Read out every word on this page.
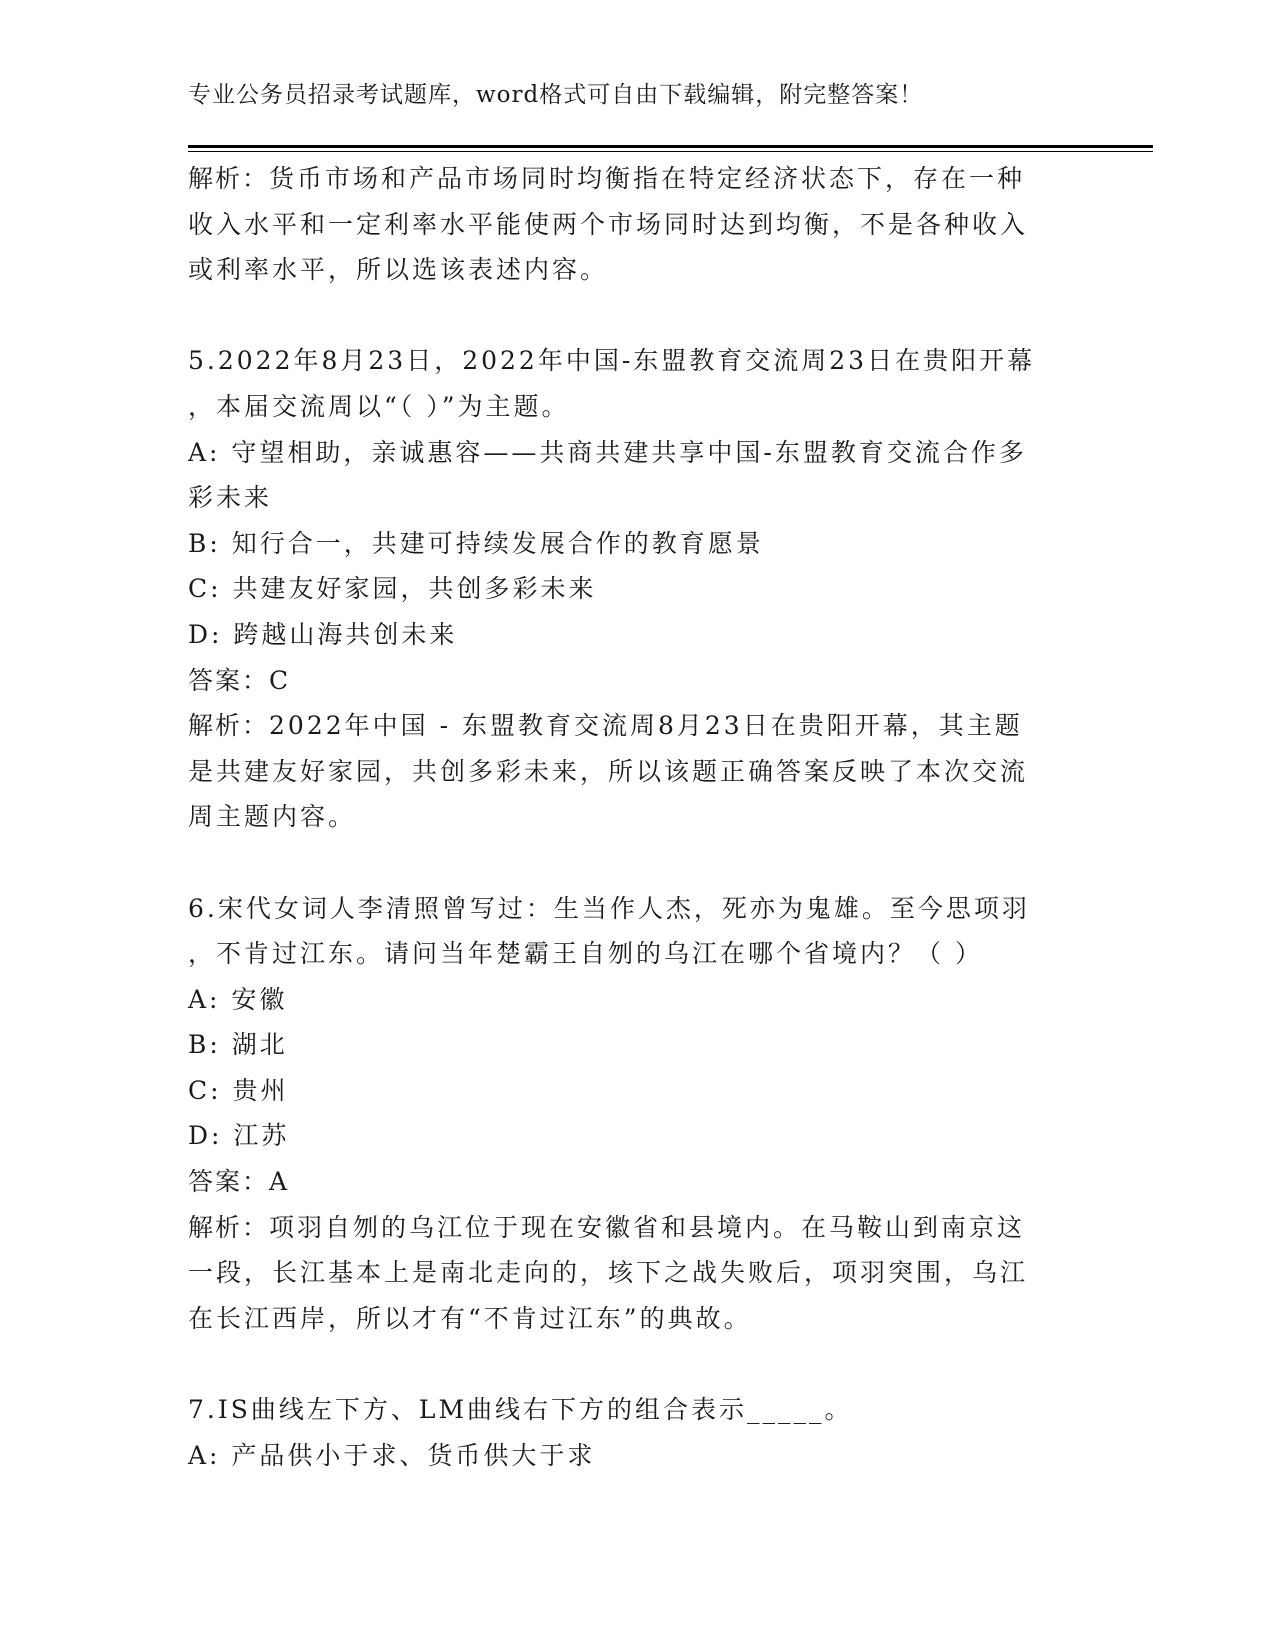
专业公务员招录考试题库，word格式可自由下载编辑，附完整答案！
解析：货币市场和产品市场同时均衡指在特定经济状态下，存在一种
收入水平和一定利率水平能使两个市场同时达到均衡，不是各种收入
或利率水平，所以选该表述内容。
5.2022年8月23日，2022年中国-东盟教育交流周23日在贵阳开幕
，本届交流周以“（ ）”为主题。
A: 守望相助，亲诚惠容——共商共建共享中国-东盟教育交流合作多
彩未来
B: 知行合一，共建可持续发展合作的教育愿景
C: 共建友好家园，共创多彩未来
D: 跨越山海共创未来
答案：C
解析：2022年中国 - 东盟教育交流周8月23日在贵阳开幕，其主题
是共建友好家园，共创多彩未来，所以该题正确答案反映了本次交流
周主题内容。
6.宋代女词人李清照曾写过：生当作人杰，死亦为鬼雄。至今思项羽
，不肯过江东。请问当年楚霸王自刎的乌江在哪个省境内？（ ）
A: 安徽
B: 湖北
C: 贵州
D: 江苏
答案：A
解析：项羽自刎的乌江位于现在安徽省和县境内。在马鞍山到南京这
一段，长江基本上是南北走向的，垓下之战失败后，项羽突围，乌江
在长江西岸，所以才有“不肯过江东”的典故。
7.IS曲线左下方、LM曲线右下方的组合表示_____。
A: 产品供小于求、货币供大于求
